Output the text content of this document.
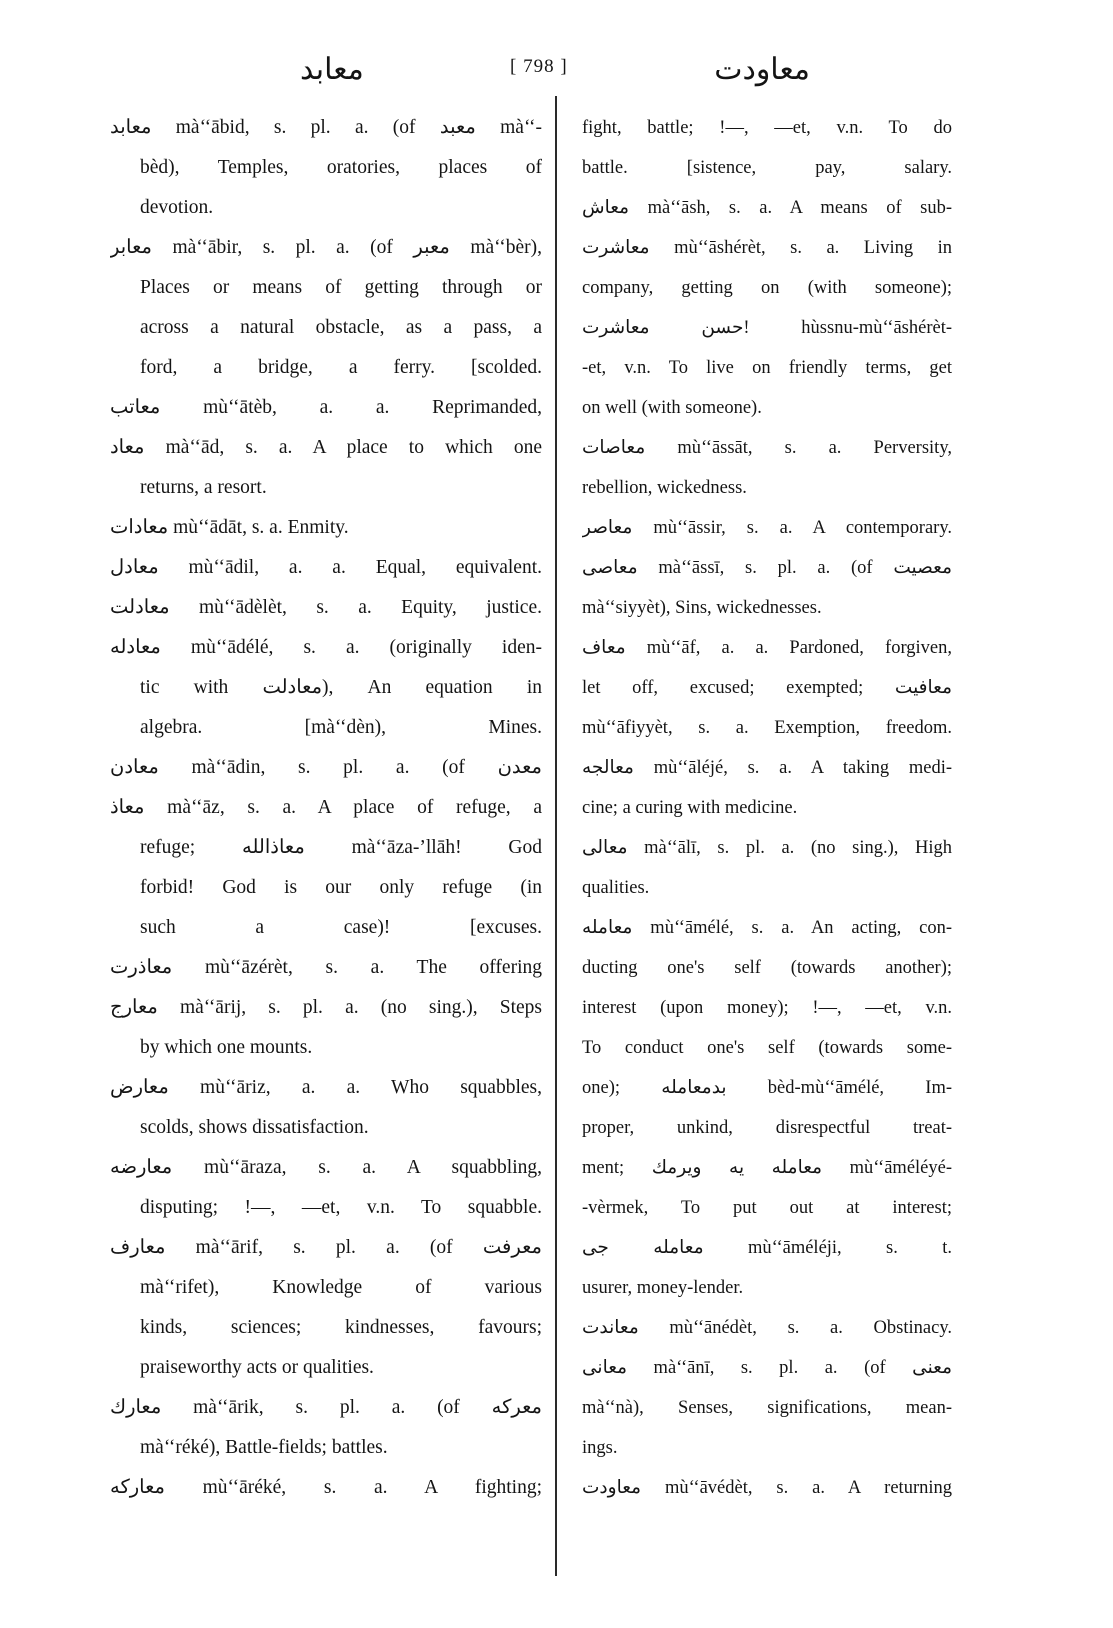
معابد	[ 798 ]	معاودت
معابد mà‘‘ābid, s. pl. a. (of معبد mà‘‘-
bèd), Temples, oratories, places of
devotion.
معابر mà‘‘ābir, s. pl. a. (of معبر mà‘‘bèr),
Places or means of getting through or
across a natural obstacle, as a pass, a
ford, a bridge, a ferry. [scolded.
معاتب mù‘‘ātèb, a. a. Reprimanded,
معاد mà‘‘ād, s. a. A place to which one
returns, a resort.
معادات mù‘‘ādāt, s. a. Enmity.
معادل mù‘‘ādil, a. a. Equal, equivalent.
معادلت mù‘‘ādèlèt, s. a. Equity, justice.
معادله mù‘‘ādélé, s. a. (originally iden-
tic with معادلت), An equation in
algebra. [mà‘‘dèn), Mines.
معادن mà‘‘ādin, s. pl. a. (of معدن
معاذ mà‘‘āz, s. a. A place of refuge, a
refuge; معاذالله mà‘‘āza-’llāh! God
forbid! God is our only refuge (in
such a case)! [excuses.
معاذرت mù‘‘āzérèt, s. a. The offering
معارج mà‘‘ārij, s. pl. a. (no sing.), Steps
by which one mounts.
معارض mù‘‘āriz, a. a. Who squabbles,
scolds, shows dissatisfaction.
معارضه mù‘‘āraza, s. a. A squabbling,
disputing; !—, —et, v.n. To squabble.
معارف mà‘‘ārif, s. pl. a. (of معرفت
mà‘‘rifet), Knowledge of various
kinds, sciences; kindnesses, favours;
praiseworthy acts or qualities.
معارك mà‘‘ārik, s. pl. a. (of معركه
mà‘‘réké), Battle-fields; battles.
معاركه mù‘‘āréké, s. a. A fighting;
fight, battle; !—, —et, v.n. To do
battle. [sistence, pay, salary.
معاش mà‘‘āsh, s. a. A means of sub-
معاشرت mù‘‘āshérèt, s. a. Living in
company, getting on (with someone);
حسن معاشرت! hùssnu-mù‘‘āshérèt-
-et, v.n. To live on friendly terms, get
on well (with someone).
معاصات mù‘‘āssāt, s. a. Perversity,
rebellion, wickedness.
معاصر mù‘‘āssir, s. a. A contemporary.
معاصى mà‘‘āssī, s. pl. a. (of معصيت
mà‘‘siyyèt), Sins, wickednesses.
معاف mù‘‘āf, a. a. Pardoned, forgiven,
let off, excused; exempted; معافيت
mù‘‘āfiyyèt, s. a. Exemption, freedom.
معالجه mù‘‘āléjé, s. a. A taking medi-
cine; a curing with medicine.
معالى mà‘‘ālī, s. pl. a. (no sing.), High
qualities.
معامله mù‘‘āmélé, s. a. An acting, con-
ducting one's self (towards another);
interest (upon money); !—, —et, v.n.
To conduct one's self (towards some-
one); بدمعامله bèd-mù‘‘āmélé, Im-
proper, unkind, disrespectful treat-
ment; معامله يه ويرمك mù‘‘āméléyé-
-vèrmek, To put out at interest;
معامله جى mù‘‘āméléji, s. t.
usurer, money-lender.
معاندت mù‘‘ānédèt, s. a. Obstinacy.
معانى mà‘‘ānī, s. pl. a. (of معنى
mà‘‘nà), Senses, significations, mean-
ings.
معاودت mù‘‘āvédèt, s. a. A returning
